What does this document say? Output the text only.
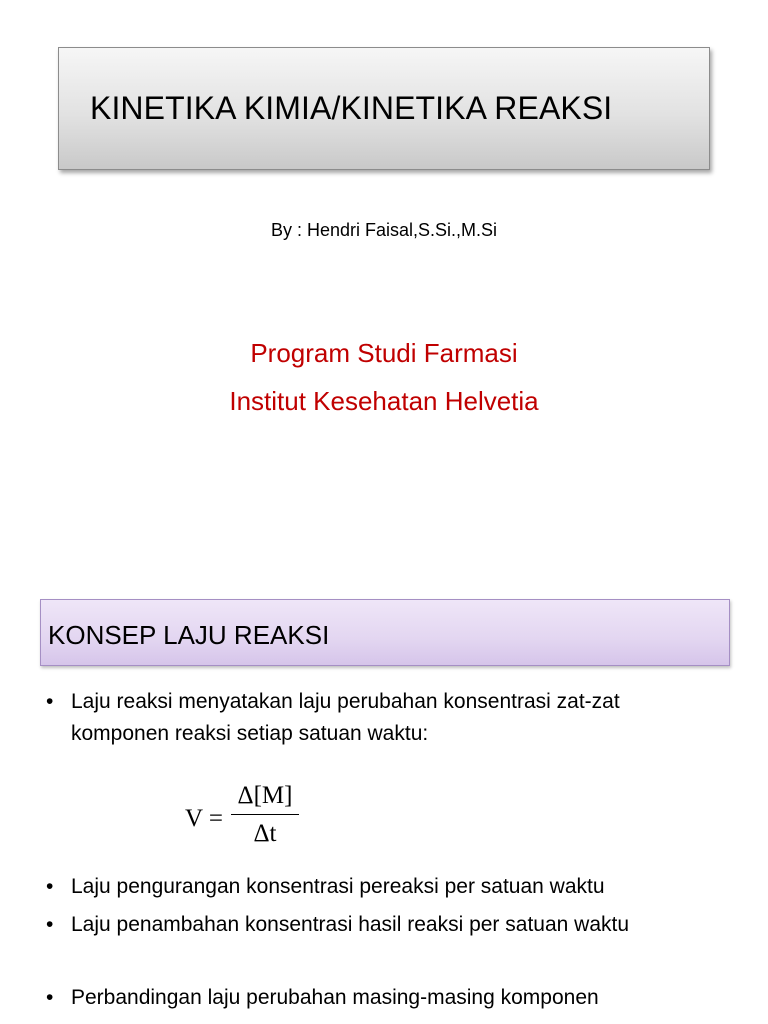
KINETIKA KIMIA/KINETIKA REAKSI
By : Hendri Faisal,S.Si.,M.Si
Program Studi Farmasi
Institut Kesehatan Helvetia
KONSEP LAJU REAKSI
• Laju reaksi menyatakan laju perubahan konsentrasi zat-zat komponen reaksi setiap satuan waktu:
V =
Δ[M]
Δt
• Laju pengurangan konsentrasi pereaksi per satuan waktu
• Laju penambahan konsentrasi hasil reaksi per satuan waktu
• Perbandingan laju perubahan masing-masing komponen
